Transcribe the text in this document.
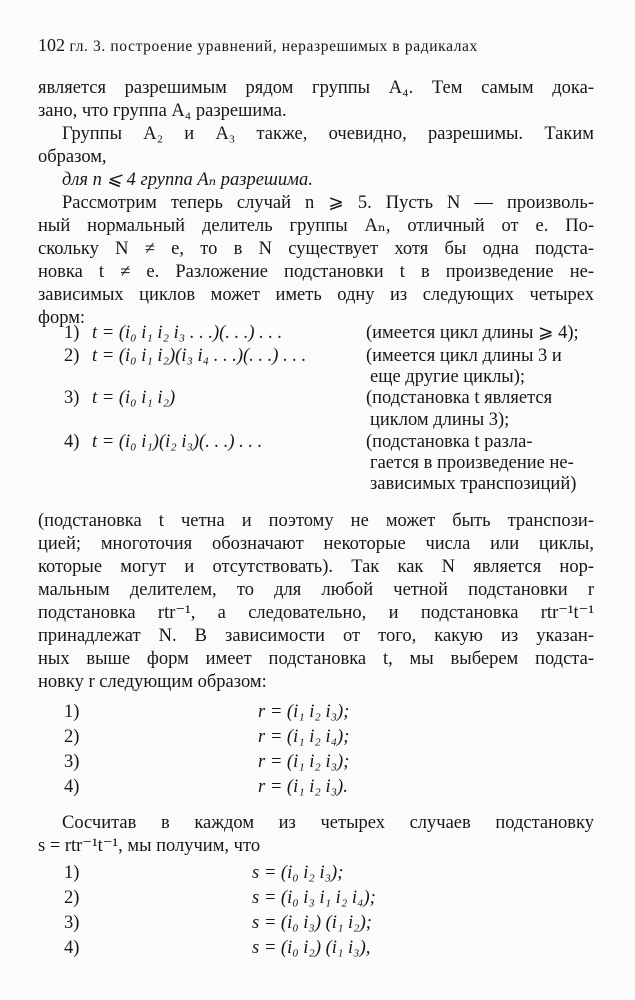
102 гл. 3. построение уравнений, неразрешимых в радикалах
является разрешимым рядом группы A₄. Тем самым дока-
зано, что группа A₄ разрешима.
Группы A₂ и A₃ также, очевидно, разрешимы. Таким
образом,
для n ⩽ 4 группа Aₙ разрешима.
Рассмотрим теперь случай n ⩾ 5. Пусть N — произволь-
ный нормальный делитель группы Aₙ, отличный от e. По-
скольку N ≠ e, то в N существует хотя бы одна подста-
новка t ≠ e. Разложение подстановки t в произведение не-
зависимых циклов может иметь одну из следующих четырех
форм:
1) t = (i₀ i₁ i₂ i₃ . . .)(. . .) . . .	(имеется цикл длины ⩾ 4);
2) t = (i₀ i₁ i₂)(i₃ i₄ . . .)(. . .) . . .	(имеется цикл длины 3 и
еще другие циклы);
3) t = (i₀ i₁ i₂)	(подстановка t является
циклом длины 3);
4) t = (i₀ i₁)(i₂ i₃)(. . .) . . .	(подстановка t разла-
гается в произведение не-
зависимых транспозиций)
(подстановка t четна и поэтому не может быть транспози-
цией; многоточия обозначают некоторые числа или циклы,
которые могут и отсутствовать). Так как N является нор-
мальным делителем, то для любой четной подстановки r
подстановка rtr⁻¹, а следовательно, и подстановка rtr⁻¹t⁻¹
принадлежат N. В зависимости от того, какую из указан-
ных выше форм имеет подстановка t, мы выберем подста-
новку r следующим образом:
1)	r = (i₁ i₂ i₃);
2)	r = (i₁ i₂ i₄);
3)	r = (i₁ i₂ i₃);
4)	r = (i₁ i₂ i₃).
Сосчитав в каждом из четырех случаев подстановку
s = rtr⁻¹t⁻¹, мы получим, что
1)	s = (i₀ i₂ i₃);
2)	s = (i₀ i₃ i₁ i₂ i₄);
3)	s = (i₀ i₃) (i₁ i₂);
4)	s = (i₀ i₂) (i₁ i₃),
